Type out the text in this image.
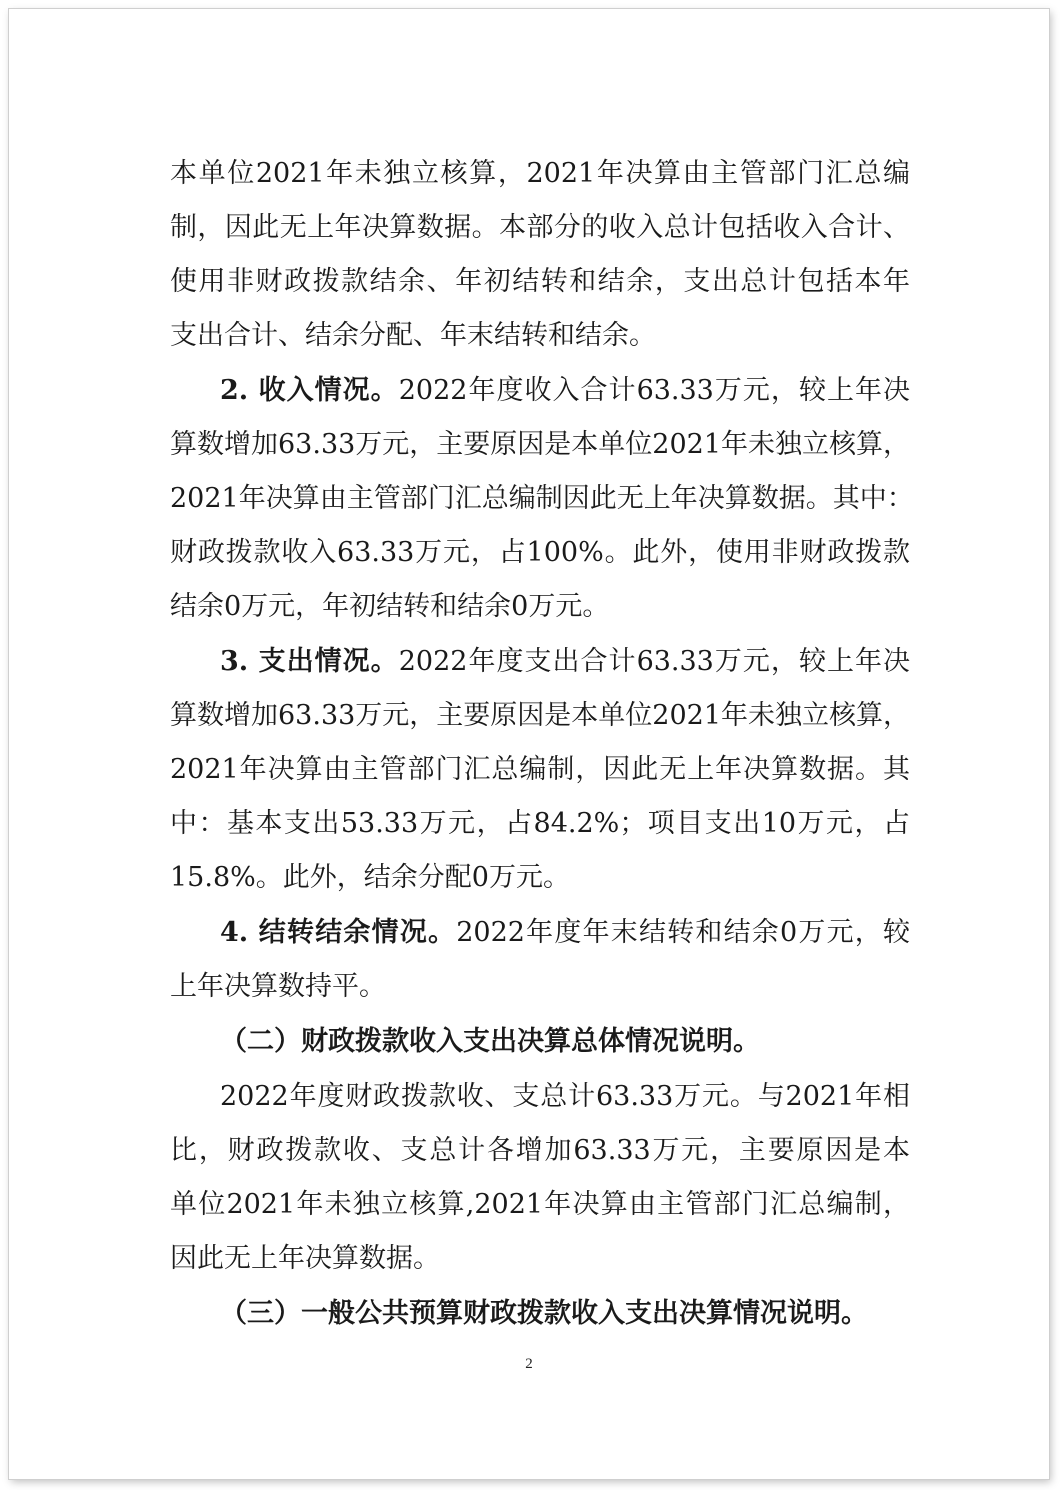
本单位2021年未独立核算，2021年决算由主管部门汇总编
制，因此无上年决算数据。本部分的收入总计包括收入合计、
使用非财政拨款结余、年初结转和结余，支出总计包括本年
支出合计、结余分配、年末结转和结余。
2. 收入情况。2022年度收入合计63.33万元，较上年决
算数增加63.33万元，主要原因是本单位2021年未独立核算，
2021年决算由主管部门汇总编制因此无上年决算数据。其中：
财政拨款收入63.33万元，占100%。此外，使用非财政拨款
结余0万元，年初结转和结余0万元。
3. 支出情况。2022年度支出合计63.33万元，较上年决
算数增加63.33万元，主要原因是本单位2021年未独立核算，
2021年决算由主管部门汇总编制，因此无上年决算数据。其
中：基本支出53.33万元，占84.2%；项目支出10万元，占
15.8%。此外，结余分配0万元。
4. 结转结余情况。2022年度年末结转和结余0万元，较
上年决算数持平。
（二）财政拨款收入支出决算总体情况说明。
2022年度财政拨款收、支总计63.33万元。与2021年相
比，财政拨款收、支总计各增加63.33万元，主要原因是本
单位2021年未独立核算,2021年决算由主管部门汇总编制，
因此无上年决算数据。
（三）一般公共预算财政拨款收入支出决算情况说明。
2
